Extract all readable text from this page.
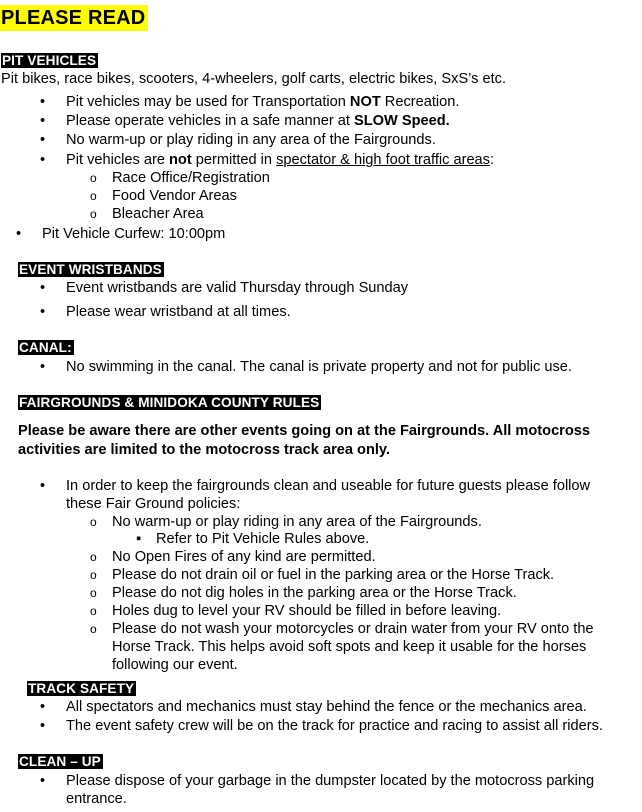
PLEASE READ
PIT VEHICLES
Pit bikes, race bikes, scooters, 4-wheelers, golf carts, electric bikes, SxS’s etc.
• Pit vehicles may be used for Transportation NOT Recreation.
• Please operate vehicles in a safe manner at SLOW Speed.
• No warm-up or play riding in any area of the Fairgrounds.
• Pit vehicles are not permitted in spectator & high foot traffic areas:
o Race Office/Registration
o Food Vendor Areas
o Bleacher Area
• Pit Vehicle Curfew: 10:00pm
EVENT WRISTBANDS
• Event wristbands are valid Thursday through Sunday
• Please wear wristband at all times.
CANAL:
• No swimming in the canal. The canal is private property and not for public use.
FAIRGROUNDS & MINIDOKA COUNTY RULES
Please be aware there are other events going on at the Fairgrounds. All motocross activities are limited to the motocross track area only.
• In order to keep the fairgrounds clean and useable for future guests please follow
these Fair Ground policies:
o No warm-up or play riding in any area of the Fairgrounds.
▪ Refer to Pit Vehicle Rules above.
o No Open Fires of any kind are permitted.
o Please do not drain oil or fuel in the parking area or the Horse Track.
o Please do not dig holes in the parking area or the Horse Track.
o Holes dug to level your RV should be filled in before leaving.
o Please do not wash your motorcycles or drain water from your RV onto the
Horse Track. This helps avoid soft spots and keep it usable for the horses
following our event.
TRACK SAFETY
• All spectators and mechanics must stay behind the fence or the mechanics area.
• The event safety crew will be on the track for practice and racing to assist all riders.
CLEAN – UP
• Please dispose of your garbage in the dumpster located by the motocross parking
entrance.
